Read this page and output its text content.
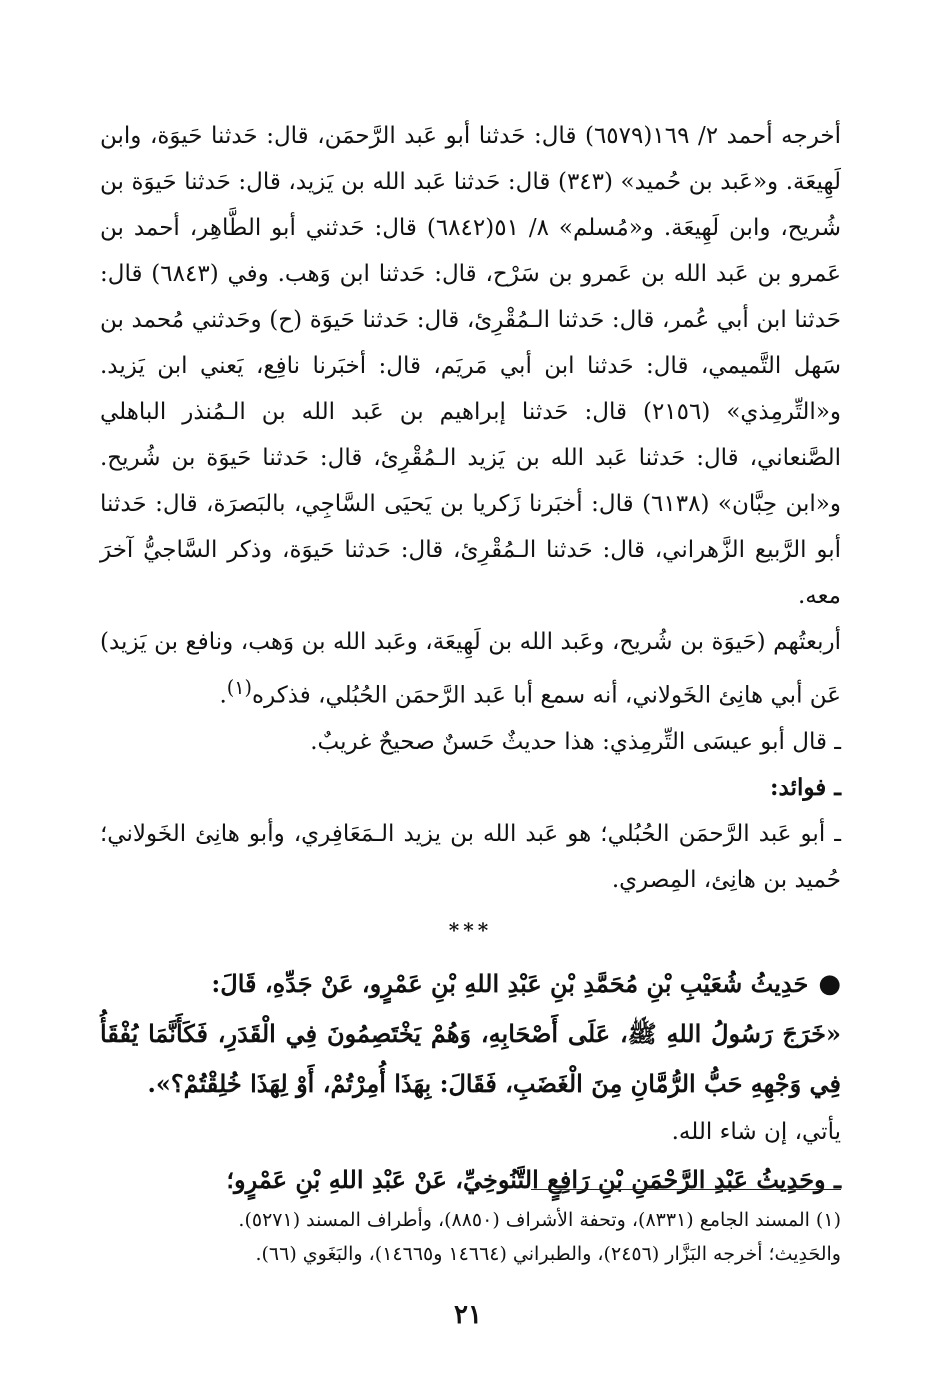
أخرجه أحمد ٢/ ١٦٩(٦٥٧٩) قال: حَدثنا أبو عَبد الرَّحمَن، قال: حَدثنا حَيوَة، وابن لَهِيعَة. و«عَبد بن حُميد» (٣٤٣) قال: حَدثنا عَبد الله بن يَزيد، قال: حَدثنا حَيوَة بن شُريح، وابن لَهِيعَة. و«مُسلم» ٨/ ٥١(٦٨٤٢) قال: حَدثني أبو الطَّاهِر، أحمد بن عَمرو بن عَبد الله بن عَمرو بن سَرْح، قال: حَدثنا ابن وَهب. وفي (٦٨٤٣) قال: حَدثنا ابن أبي عُمر، قال: حَدثنا الـمُقْرِئ، قال: حَدثنا حَيوَة (ح) وحَدثني مُحمد بن سَهل التَّميمي، قال: حَدثنا ابن أبي مَريَم، قال: أخبَرنا نافِع، يَعني ابن يَزيد. و«التِّرمِذي» (٢١٥٦) قال: حَدثنا إبراهيم بن عَبد الله بن الـمُنذر الباهلي الصَّنعاني، قال: حَدثنا عَبد الله بن يَزيد الـمُقْرِئ، قال: حَدثنا حَيوَة بن شُريح. و«ابن حِبَّان» (٦١٣٨) قال: أخبَرنا زَكريا بن يَحيَى السَّاجِي، بالبَصرَة، قال: حَدثنا أبو الرَّبيع الزَّهراني، قال: حَدثنا الـمُقْرِئ، قال: حَدثنا حَيوَة، وذكر السَّاجيُّ آخرَ معه.

أربعتُهم (حَيوَة بن شُريح، وعَبد الله بن لَهِيعَة، وعَبد الله بن وَهب، ونافع بن يَزيد) عَن أبي هانِئ الخَولاني، أنه سمع أبا عَبد الرَّحمَن الحُبُلي، فذكره$^{(١)}$.

ـ قال أبو عيسَى التِّرمِذي: هذا حديثٌ حَسنٌ صحيحٌ غريبٌ.

ـ فوائد:

ـ أبو عَبد الرَّحمَن الحُبُلي؛ هو عَبد الله بن يزيد الـمَعَافِري، وأبو هانِئ الخَولاني؛ حُميد بن هانِئ، المِصري.

***

●حَدِيثُ شُعَيْبِ بْنِ مُحَمَّدِ بْنِ عَبْدِ اللهِ بْنِ عَمْرٍو، عَنْ جَدِّهِ، قَالَ:

«خَرَجَ رَسُولُ اللهِ ﷺ، عَلَى أَصْحَابِهِ، وَهُمْ يَخْتَصِمُونَ فِي الْقَدَرِ، فَكَأَنَّمَا يُفْقَأُ فِي وَجْهِهِ حَبُّ الرُّمَّانِ مِنَ الْغَضَبِ، فَقَالَ: بِهَذَا أُمِرْتُمْ، أَوْ لِهَذَا خُلِقْتُمْ؟».

يأتي، إن شاء الله.

ـ وحَدِيثُ عَبْدِ الرَّحْمَنِ بْنِ رَافِعٍ التَّنُوخِيِّ، عَنْ عَبْدِ اللهِ بْنِ عَمْرٍو؛

(١) المسند الجامع (٨٣٣١)، وتحفة الأشراف (٨٨٥٠)، وأطراف المسند (٥٢٧١).

والحَدِيث؛ أخرجه البَزَّار (٢٤٥٦)، والطبراني (١٤٦٦٤ و١٤٦٦٥)، والبَغَوي (٦٦).

٢١
